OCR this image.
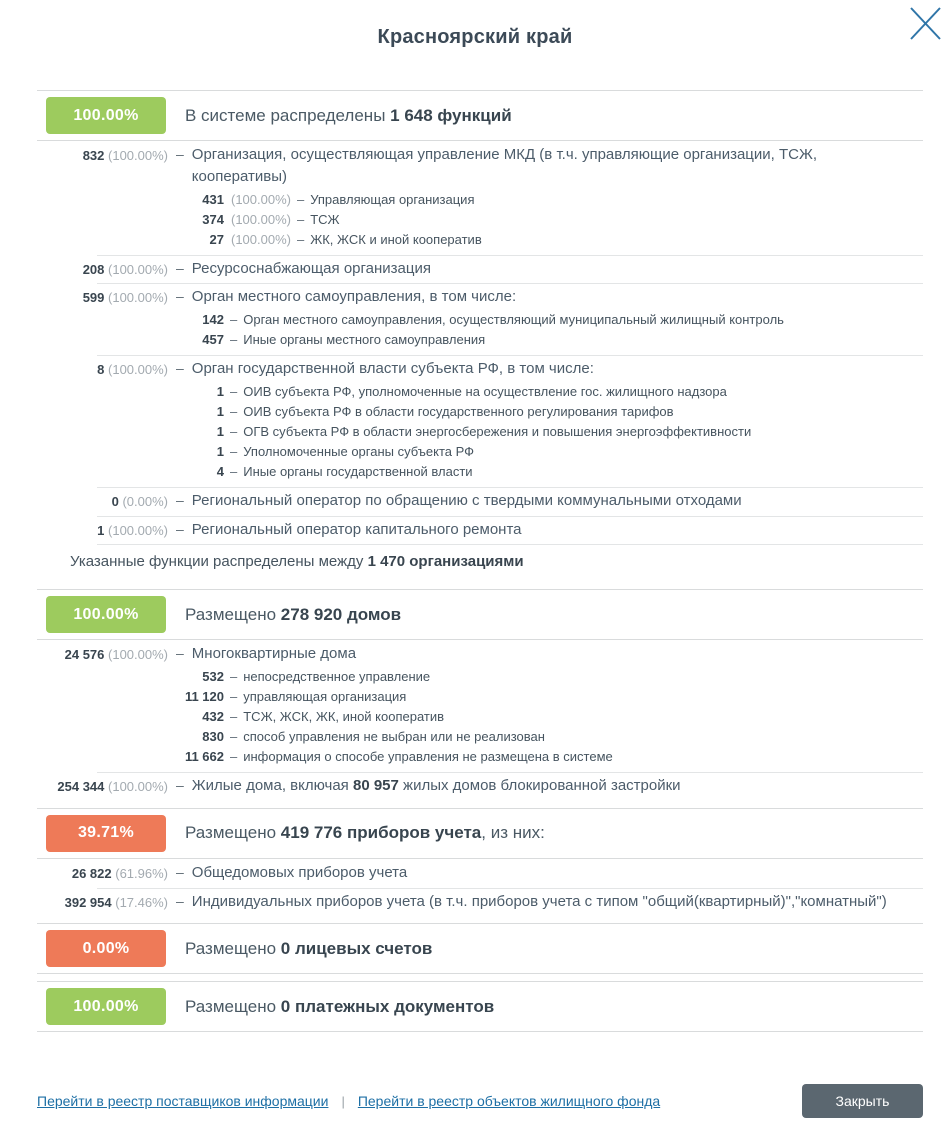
Красноярский край
100.00%	В системе распределены 1 648 функций
832 (100.00%) – Организация, осуществляющая управление МКД (в т.ч. управляющие организации, ТСЖ, кооперативы)
431 (100.00%) – Управляющая организация
374 (100.00%) – ТСЖ
27 (100.00%) – ЖК, ЖСК и иной кооператив
208 (100.00%) – Ресурсоснабжающая организация
599 (100.00%) – Орган местного самоуправления, в том числе:
142 – Орган местного самоуправления, осуществляющий муниципальный жилищный контроль
457 – Иные органы местного самоуправления
8 (100.00%) – Орган государственной власти субъекта РФ, в том числе:
1 – ОИВ субъекта РФ, уполномоченные на осуществление гос. жилищного надзора
1 – ОИВ субъекта РФ в области государственного регулирования тарифов
1 – ОГВ субъекта РФ в области энергосбережения и повышения энергоэффективности
1 – Уполномоченные органы субъекта РФ
4 – Иные органы государственной власти
0 (0.00%) – Региональный оператор по обращению с твердыми коммунальными отходами
1 (100.00%) – Региональный оператор капитального ремонта
Указанные функции распределены между 1 470 организациями
100.00%	Размещено 278 920 домов
24 576 (100.00%) – Многоквартирные дома
532 – непосредственное управление
11 120 – управляющая организация
432 – ТСЖ, ЖСК, ЖК, иной кооператив
830 – способ управления не выбран или не реализован
11 662 – информация о способе управления не размещена в системе
254 344 (100.00%) – Жилые дома, включая 80 957 жилых домов блокированной застройки
39.71%	Размещено 419 776 приборов учета, из них:
26 822 (61.96%) – Общедомовых приборов учета
392 954 (17.46%) – Индивидуальных приборов учета (в т.ч. приборов учета с типом "общий(квартирный)","комнатный")
0.00%	Размещено 0 лицевых счетов
100.00%	Размещено 0 платежных документов
Перейти в реестр поставщиков информации | Перейти в реестр объектов жилищного фонда	Закрыть
